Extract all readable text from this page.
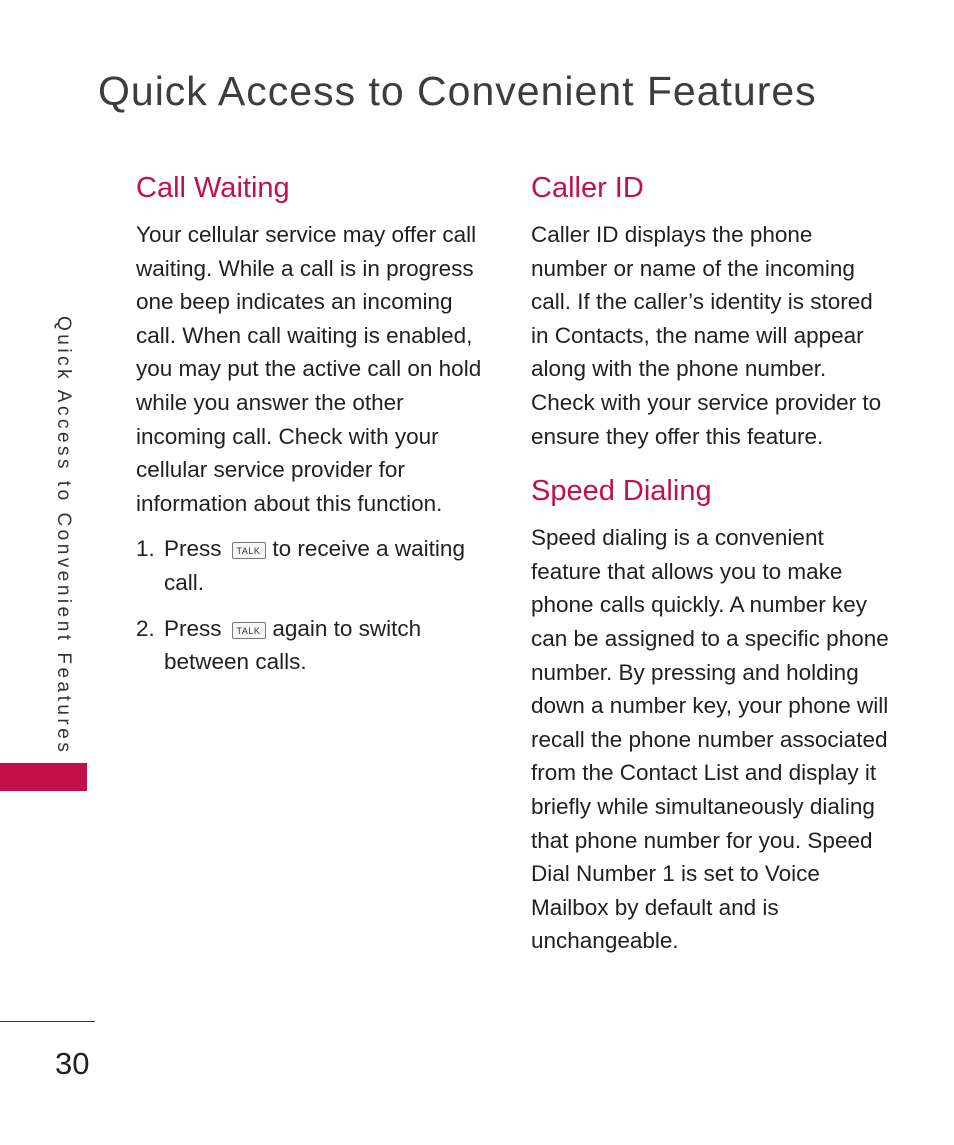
Quick Access to Convenient Features
Quick Access to Convenient Features
Call Waiting

Your cellular service may offer call waiting. While a call is in progress one beep indicates an incoming call. When call waiting is enabled, you may put the active call on hold while you answer the other incoming call. Check with your cellular service provider for information about this function.

1. Press TALK to receive a waiting call.
2. Press TALK again to switch between calls.
Caller ID

Caller ID displays the phone number or name of the incoming call. If the caller’s identity is stored in Contacts, the name will appear along with the phone number. Check with your service provider to ensure they offer this feature.

Speed Dialing

Speed dialing is a convenient feature that allows you to make phone calls quickly. A number key can be assigned to a specific phone number. By pressing and holding down a number key, your phone will recall the phone number associated from the Contact List and display it briefly while simultaneously dialing that phone number for you. Speed Dial Number 1 is set to Voice Mailbox by default and is unchangeable.

30
